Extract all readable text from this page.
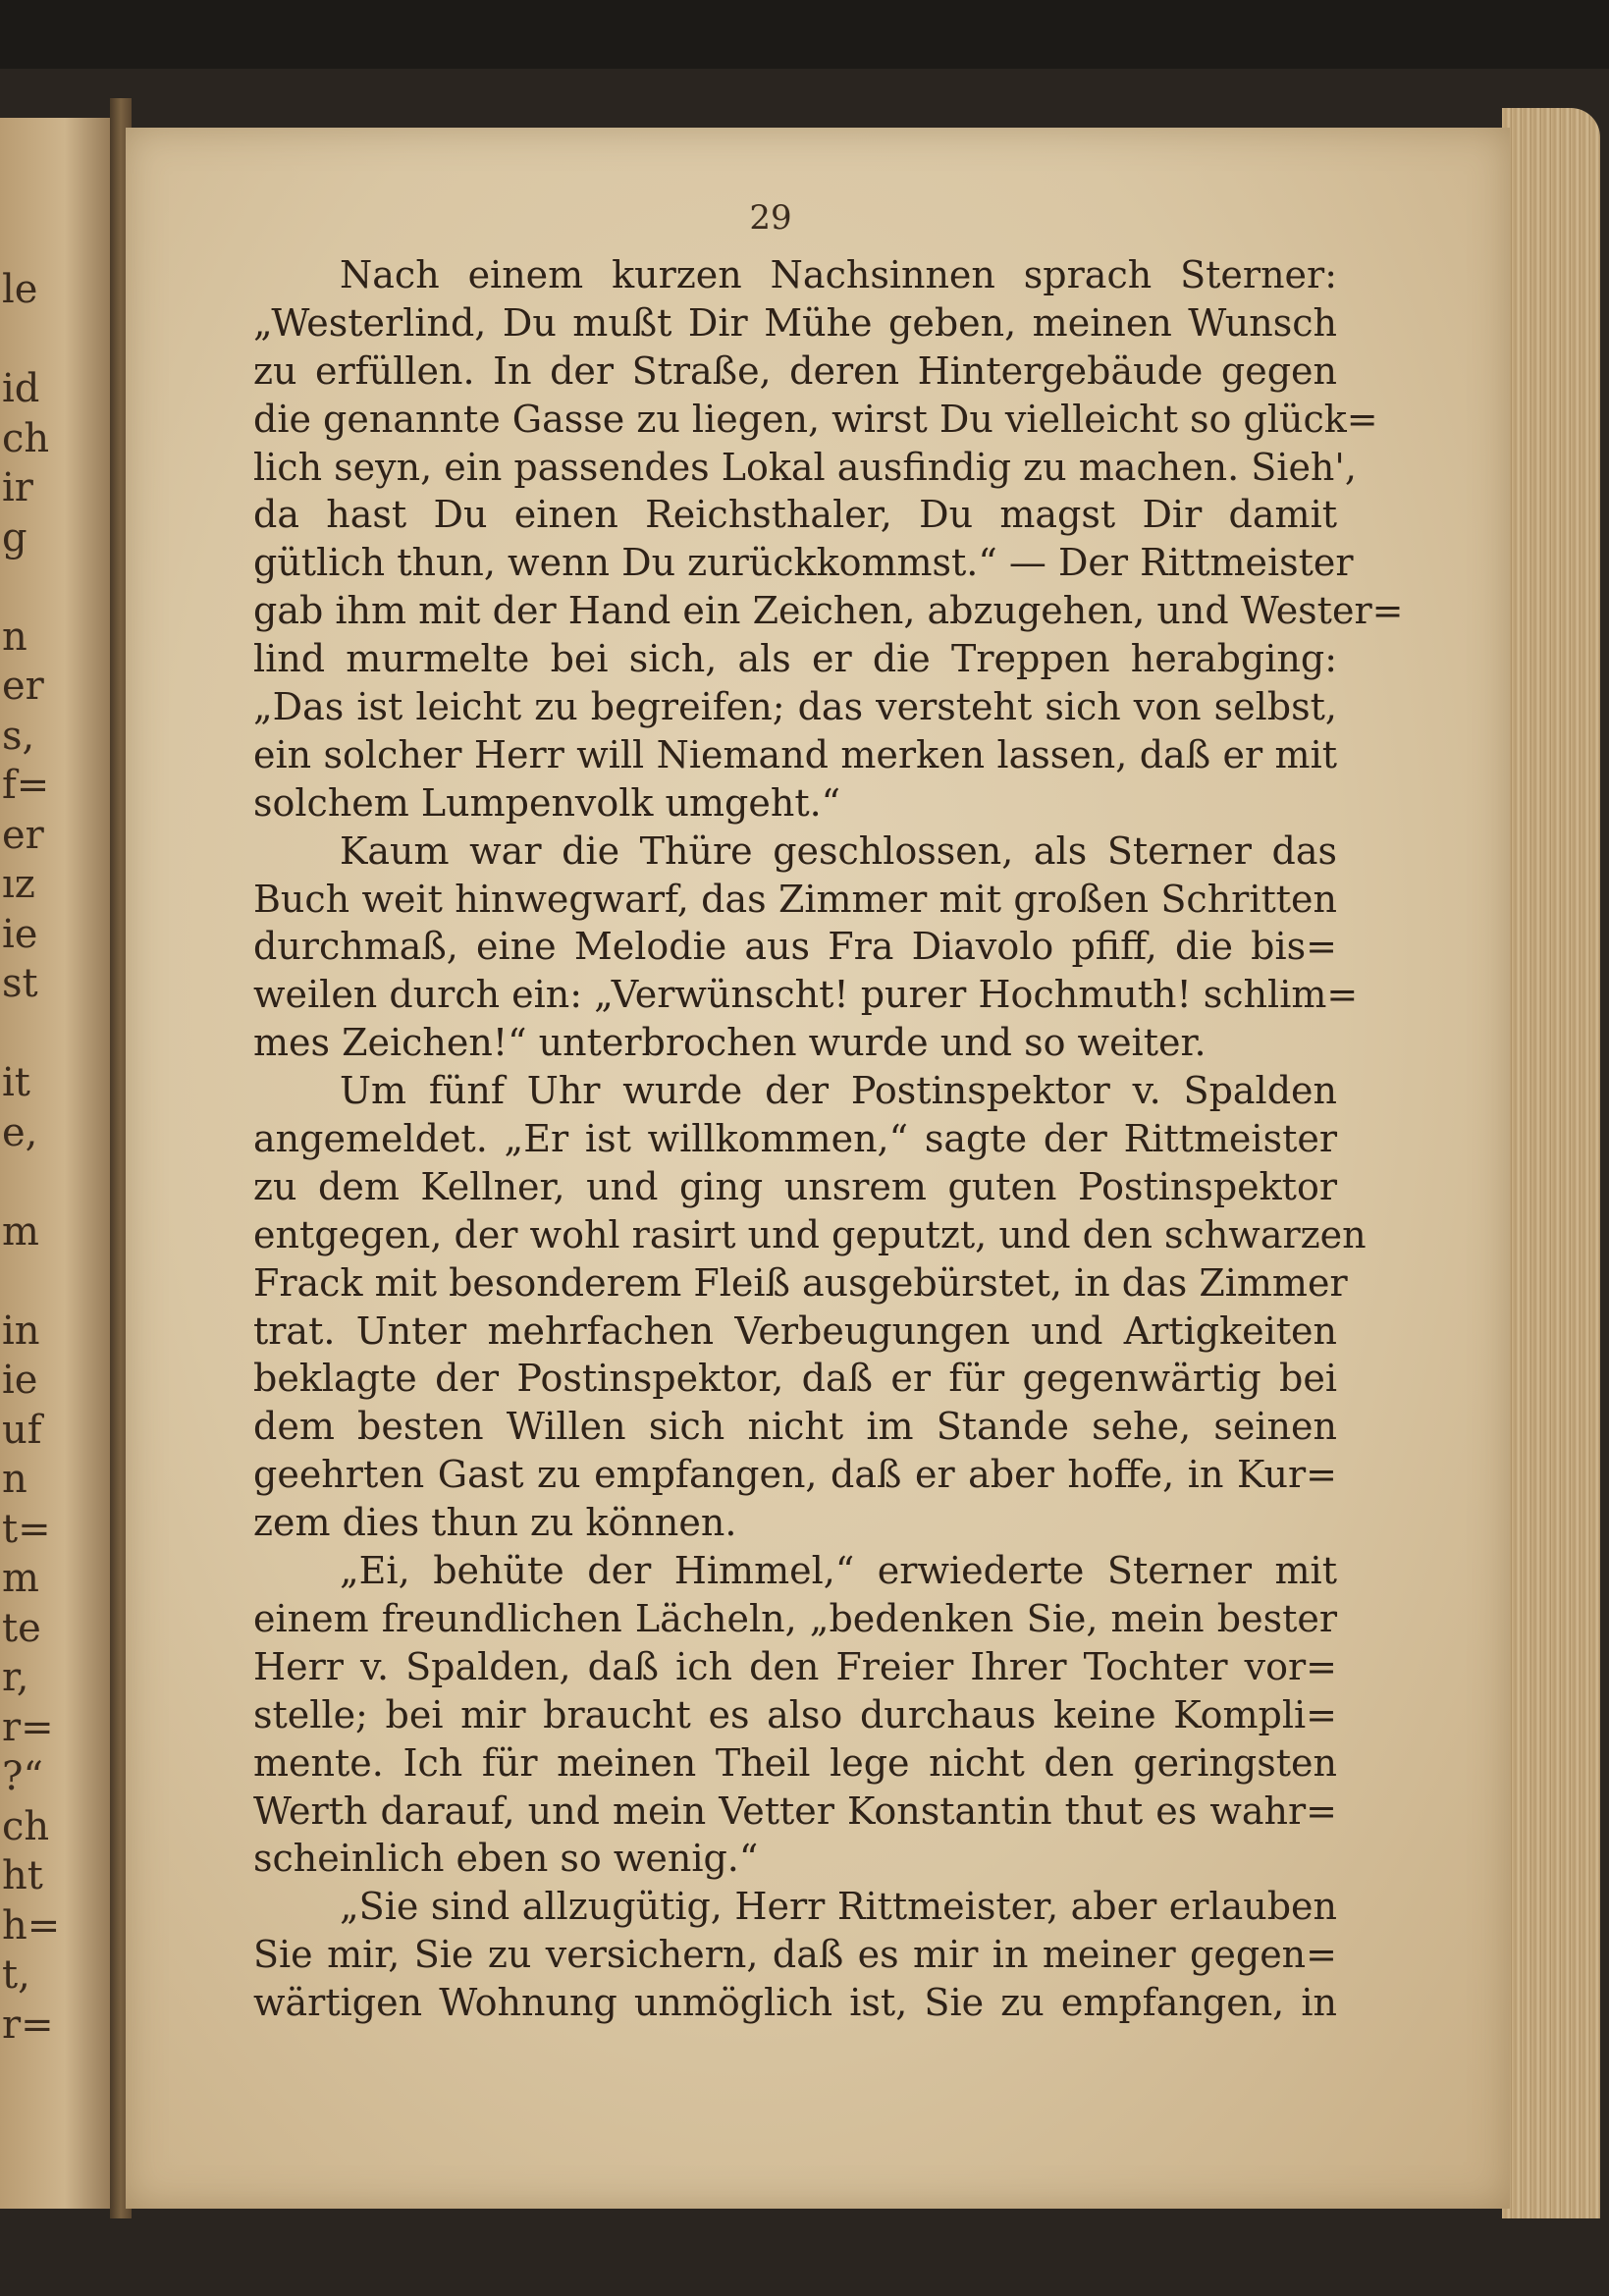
le
id
ch
ir
g
n
er
s,
f=
er
ız
ie
st
it
e,
m
in
ie
uf
n
t=
m
te
r,
r=
?“
ch
ht
h=
t,
r=
29
Nach einem kurzen Nachsinnen sprach Sterner:
„Westerlind, Du mußt Dir Mühe geben, meinen Wunsch
zu erfüllen. In der Straße, deren Hintergebäude gegen
die genannte Gasse zu liegen, wirst Du vielleicht so glück=
lich seyn, ein passendes Lokal ausfindig zu machen. Sieh',
da hast Du einen Reichsthaler, Du magst Dir damit
gütlich thun, wenn Du zurückkommst.“ — Der Rittmeister
gab ihm mit der Hand ein Zeichen, abzugehen, und Wester=
lind murmelte bei sich, als er die Treppen herabging:
„Das ist leicht zu begreifen; das versteht sich von selbst,
ein solcher Herr will Niemand merken lassen, daß er mit
solchem Lumpenvolk umgeht.“
Kaum war die Thüre geschlossen, als Sterner das
Buch weit hinwegwarf, das Zimmer mit großen Schritten
durchmaß, eine Melodie aus Fra Diavolo pfiff, die bis=
weilen durch ein: „Verwünscht! purer Hochmuth! schlim=
mes Zeichen!“ unterbrochen wurde und so weiter.
Um fünf Uhr wurde der Postinspektor v. Spalden
angemeldet. „Er ist willkommen,“ sagte der Rittmeister
zu dem Kellner, und ging unsrem guten Postinspektor
entgegen, der wohl rasirt und geputzt, und den schwarzen
Frack mit besonderem Fleiß ausgebürstet, in das Zimmer
trat. Unter mehrfachen Verbeugungen und Artigkeiten
beklagte der Postinspektor, daß er für gegenwärtig bei
dem besten Willen sich nicht im Stande sehe, seinen
geehrten Gast zu empfangen, daß er aber hoffe, in Kur=
zem dies thun zu können.
„Ei, behüte der Himmel,“ erwiederte Sterner mit
einem freundlichen Lächeln, „bedenken Sie, mein bester
Herr v. Spalden, daß ich den Freier Ihrer Tochter vor=
stelle; bei mir braucht es also durchaus keine Kompli=
mente. Ich für meinen Theil lege nicht den geringsten
Werth darauf, und mein Vetter Konstantin thut es wahr=
scheinlich eben so wenig.“
„Sie sind allzugütig, Herr Rittmeister, aber erlauben
Sie mir, Sie zu versichern, daß es mir in meiner gegen=
wärtigen Wohnung unmöglich ist, Sie zu empfangen, in
